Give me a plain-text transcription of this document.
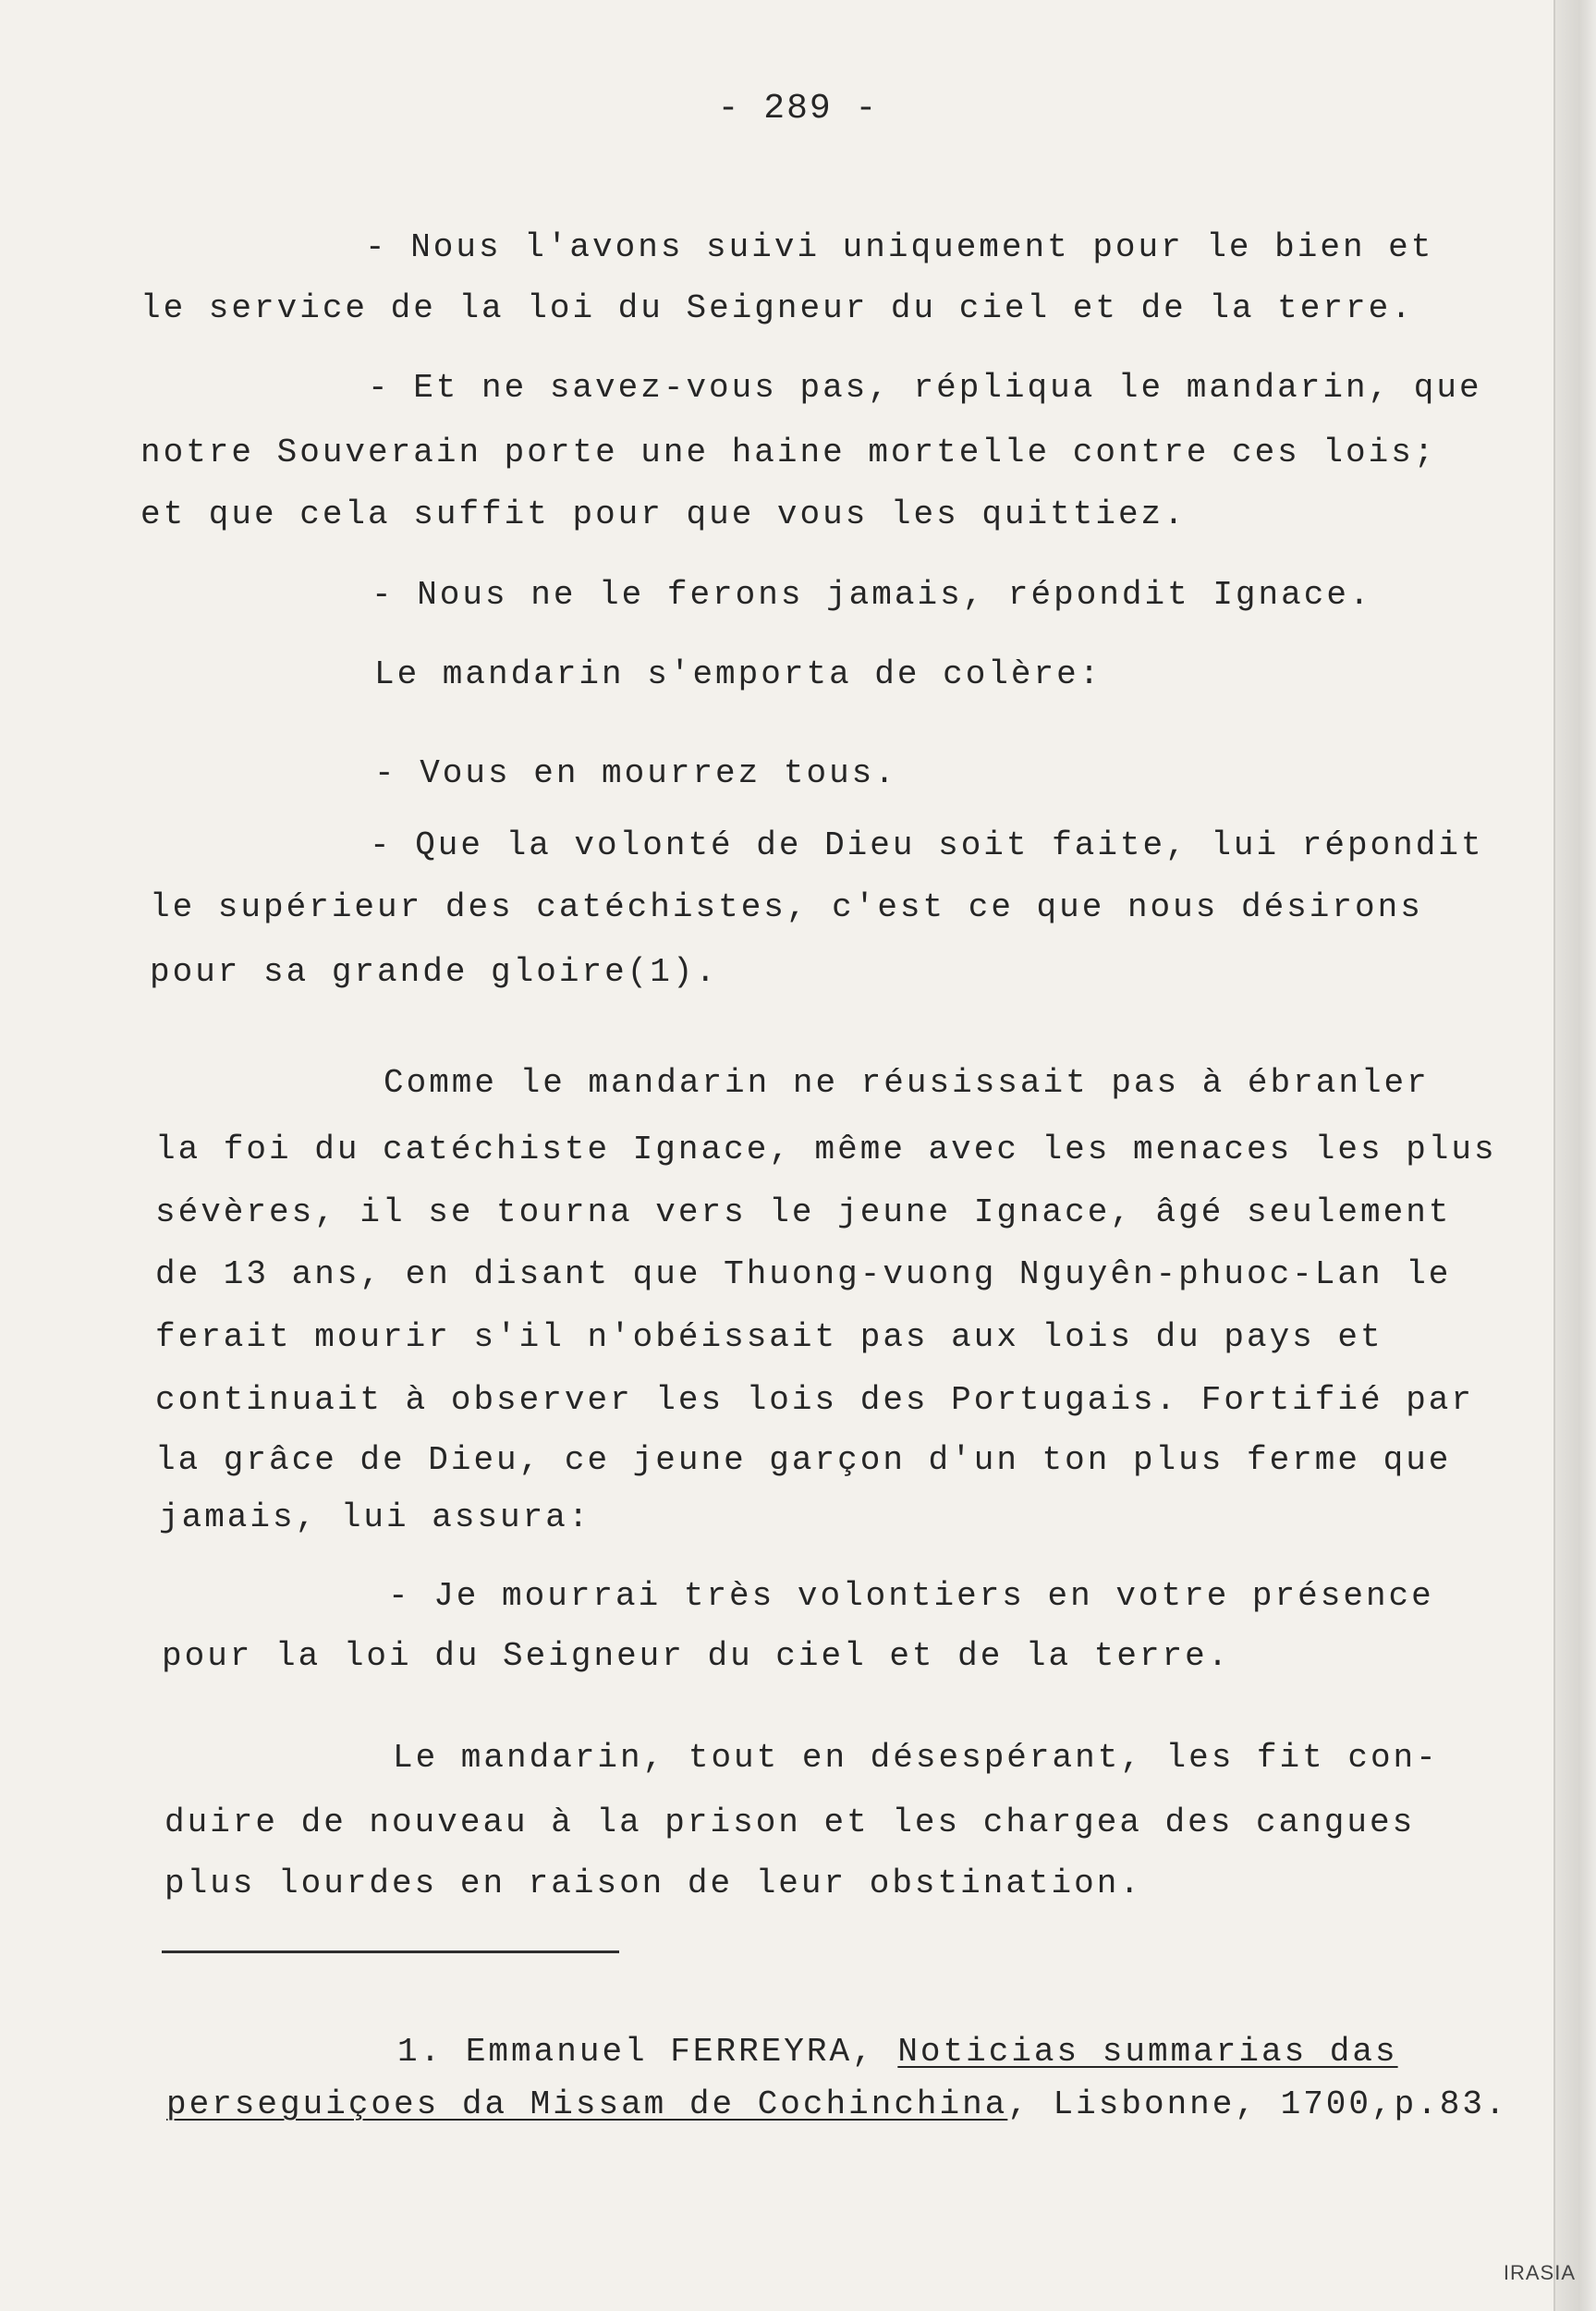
- 289 -
- Nous l'avons suivi uniquement pour le bien et
le service de la loi du Seigneur du ciel et de la terre.
- Et ne savez-vous pas, répliqua le mandarin, que
notre Souverain porte une haine mortelle contre ces lois;
et que cela suffit pour que vous les quittiez.
- Nous ne le ferons jamais, répondit Ignace.
Le mandarin s'emporta de colère:
- Vous en mourrez tous.
- Que la volonté de Dieu soit faite, lui répondit
le supérieur des catéchistes, c'est ce que nous désirons
pour sa grande gloire(1).
Comme le mandarin ne réusissait pas à ébranler
la foi du catéchiste Ignace, même avec les menaces les plus
sévères, il se tourna vers le jeune Ignace, âgé seulement
de 13 ans, en disant que Thuong-vuong Nguyên-phuoc-Lan le
ferait mourir s'il n'obéissait pas aux lois du pays et
continuait à observer les lois des Portugais. Fortifié par
la grâce de Dieu, ce jeune garçon d'un ton plus ferme que
jamais, lui assura:
- Je mourrai très volontiers en votre présence
pour la loi du Seigneur du ciel et de la terre.
Le mandarin, tout en désespérant, les fit con-
duire de nouveau à la prison et les chargea des cangues
plus lourdes en raison de leur obstination.
1. Emmanuel FERREYRA, Noticias summarias das
perseguiçoes da Missam de Cochinchina, Lisbonne, 1700,p.83.
IRASIA
